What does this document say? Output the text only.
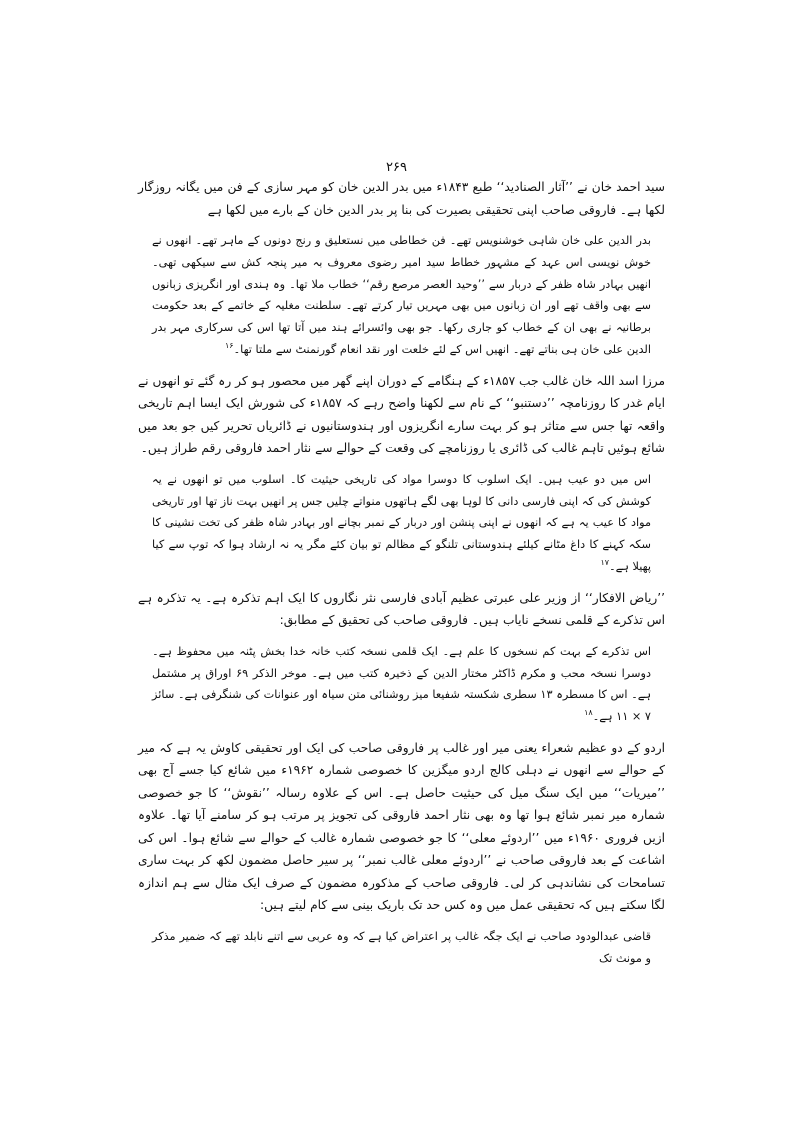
۲۶۹

سید احمد خان نے ’’آثار الصنادید‘‘ طبع ۱۸۴۳ء میں بدر الدین خان کو مہر سازی کے فن میں یگانہ روزگار لکھا ہے۔ فاروقی صاحب اپنی تحقیقی بصیرت کی بنا پر بدر الدین خان کے بارے میں لکھا ہے

بدر الدین علی خان شاہی خوشنویس تھے۔ فن خطاطی میں نستعلیق و رنج دونوں کے ماہر تھے۔ انھوں نے خوش نویسی اس عہد کے مشہور خطاط سید امیر رضوی معروف بہ میر پنجہ کش سے سیکھی تھی۔ انھیں بہادر شاہ ظفر کے دربار سے ’’وحید العصر مرصع رقم‘‘ خطاب ملا تھا۔ وہ ہندی اور انگریزی زبانوں سے بھی واقف تھے اور ان زبانوں میں بھی مہریں تیار کرتے تھے۔ سلطنت مغلیہ کے خاتمے کے بعد حکومت برطانیہ نے بھی ان کے خطاب کو جاری رکھا۔ جو بھی وائسرائے ہند میں آتا تھا اس کی سرکاری مہر بدر الدین علی خان ہی بناتے تھے۔ انھیں اس کے لئے خلعت اور نقد انعام گورنمنٹ سے ملتا تھا۔$^{۱۶}$

مرزا اسد اللہ خان غالب جب ۱۸۵۷ء کے ہنگامے کے دوران اپنے گھر میں محصور ہو کر رہ گئے تو انھوں نے ایام غدر کا روزنامچہ ’’دستنبو‘‘ کے نام سے لکھنا واضح رہے کہ ۱۸۵۷ء کی شورش ایک ایسا اہم تاریخی واقعہ تھا جس سے متاثر ہو کر بہت سارے انگریزوں اور ہندوستانیوں نے ڈائریاں تحریر کیں جو بعد میں شائع ہوئیں تاہم غالب کی ڈائری یا روزنامچے کی وقعت کے حوالے سے نثار احمد فاروقی رقم طراز ہیں۔

اس میں دو عیب ہیں۔ ایک اسلوب کا دوسرا مواد کی تاریخی حیثیت کا۔ اسلوب میں تو انھوں نے یہ کوشش کی کہ اپنی فارسی دانی کا لوہا بھی لگے ہاتھوں منواتے چلیں جس پر انھیں بہت ناز تھا اور تاریخی مواد کا عیب یہ ہے کہ انھوں نے اپنی پنشن اور دربار کے نمبر بچانے اور بہادر شاہ ظفر کی تخت نشینی کا سکہ کہنے کا داغ مٹانے کیلئے ہندوستانی تلنگو کے مظالم تو بیان کئے مگر یہ نہ ارشاد ہوا کہ توپ سے کیا پھیلا ہے۔$^{۱۷}$

’’ریاض الافکار‘‘ از وزیر علی عبرتی عظیم آبادی فارسی نثر نگاروں کا ایک اہم تذکرہ ہے۔ یہ تذکرہ ہے اس تذکرے کے قلمی نسخے نایاب ہیں۔ فاروقی صاحب کی تحقیق کے مطابق:

اس تذکرے کے بہت کم نسخوں کا علم ہے۔ ایک قلمی نسخہ کتب خانہ خدا بخش پٹنہ میں محفوظ ہے۔ دوسرا نسخہ محب و مکرم ڈاکٹر مختار الدین کے ذخیرہ کتب میں ہے۔ موخر الذکر ۶۹ اوراق پر مشتمل ہے۔ اس کا مسطرہ ۱۳ سطری شکستہ شفیعا میز روشنائی متن سیاہ اور عنوانات کی شنگرفی ہے۔ سائز ۷ × ۱۱ ہے۔$^{۱۸}$

اردو کے دو عظیم شعراء یعنی میر اور غالب پر فاروقی صاحب کی ایک اور تحقیقی کاوش یہ ہے کہ میر کے حوالے سے انھوں نے دہلی کالج اردو میگزین کا خصوصی شمارہ ۱۹۶۲ء میں شائع کیا جسے آج بھی ’’میریات‘‘ میں ایک سنگ میل کی حیثیت حاصل ہے۔ اس کے علاوہ رسالہ ’’نقوش‘‘ کا جو خصوصی شمارہ میر نمبر شائع ہوا تھا وہ بھی نثار احمد فاروقی کی تجویز پر مرتب ہو کر سامنے آیا تھا۔ علاوہ ازیں فروری ۱۹۶۰ء میں ’’اردوئے معلی‘‘ کا جو خصوصی شمارہ غالب کے حوالے سے شائع ہوا۔ اس کی اشاعت کے بعد فاروقی صاحب نے ’’اردوئے معلی غالب نمبر‘‘ پر سیر حاصل مضمون لکھ کر بہت ساری تسامحات کی نشاندہی کر لی۔ فاروقی صاحب کے مذکورہ مضمون کے صرف ایک مثال سے ہم اندازہ لگا سکتے ہیں کہ تحقیقی عمل میں وہ کس حد تک باریک بینی سے کام لیتے ہیں:

قاضی عبدالودود صاحب نے ایک جگہ غالب پر اعتراض کیا ہے کہ وہ عربی سے اتنے نابلد تھے کہ ضمیر مذکر و مونث تک
